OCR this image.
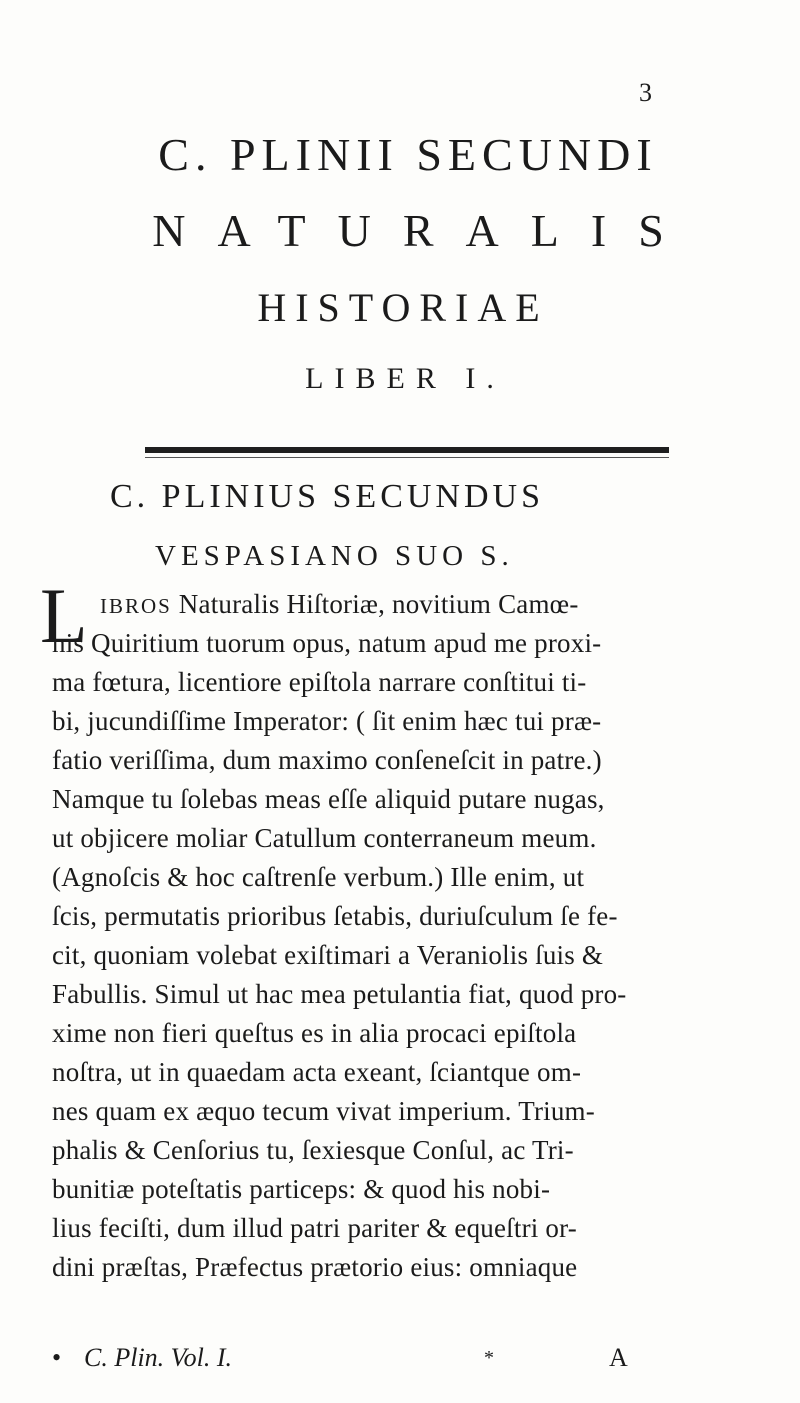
3
C. PLINII SECUNDI
NATURALIS
HISTORIAE
LIBER I.
C. PLINIUS SECUNDUS
VESPASIANO SUO S.
L IBROS Naturalis Hiſtoriæ, novitium Camœ-
nis Quiritium tuorum opus, natum apud me proxi-
ma fœtura, licentiore epiſtola narrare conſtitui ti-
bi, jucundiſſime Imperator: ( ſit enim hæc tui præ-
fatio veriſſima, dum maximo conſeneſcit in patre.)
Namque tu ſolebas meas eſſe aliquid putare nugas,
ut objicere moliar Catullum conterraneum meum.
(Agnoſcis & hoc caſtrenſe verbum.) Ille enim, ut
ſcis, permutatis prioribus ſetabis, duriuſculum ſe fe-
cit, quoniam volebat exiſtimari a Veraniolis ſuis &
Fabullis. Simul ut hac mea petulantia fiat, quod pro-
xime non fieri queſtus es in alia procaci epiſtola
noſtra, ut in quaedam acta exeant, ſciantque om-
nes quam ex æquo tecum vivat imperium. Trium-
phalis & Cenſorius tu, ſexiesque Conſul, ac Tri-
bunitiæ poteſtatis particeps: & quod his nobi-
lius feciſti, dum illud patri pariter & equeſtri or-
dini præſtas, Præfectus prætorio eius: omniaque
• C. Plin. Vol. I.	*	A
